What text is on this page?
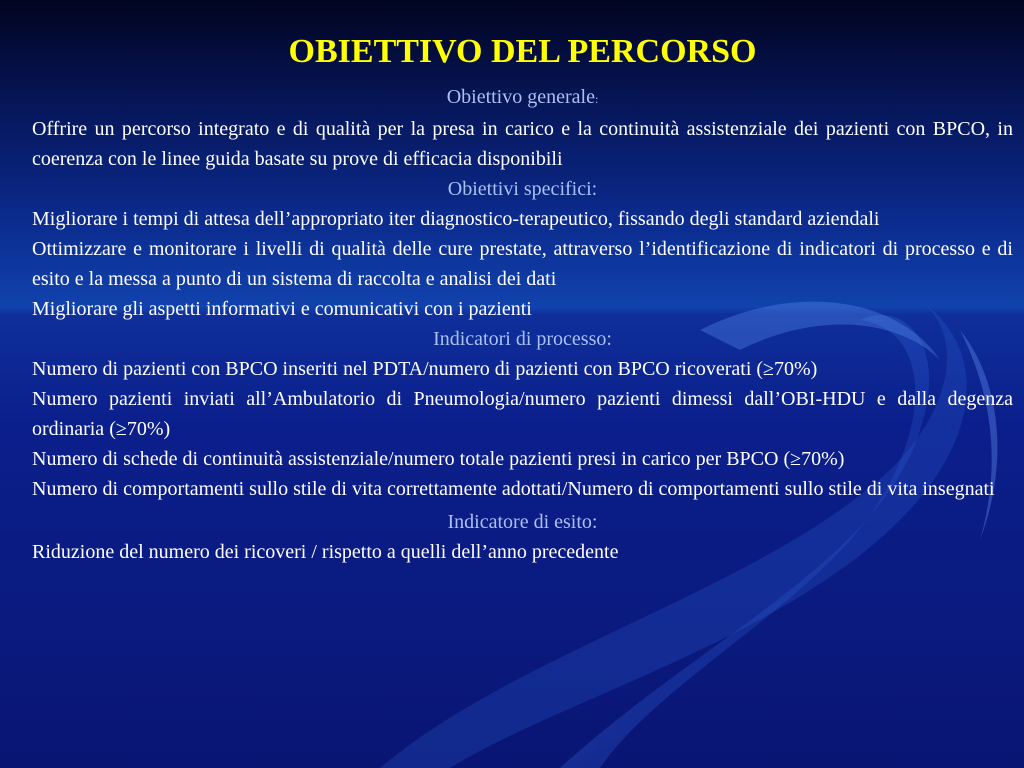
OBIETTIVO DEL PERCORSO
Obiettivo generale:
Offrire un percorso integrato e di qualità per la presa in carico e la continuità assistenziale dei pazienti con BPCO, in coerenza con le linee guida basate su prove di efficacia disponibili
Obiettivi specifici:
Migliorare i tempi di attesa dell’appropriato iter diagnostico-terapeutico, fissando degli standard aziendali
Ottimizzare e monitorare i livelli di qualità delle cure prestate, attraverso l’identificazione di indicatori di processo e di esito e la messa a punto di un sistema di raccolta e analisi dei dati
Migliorare gli aspetti informativi e comunicativi con i pazienti
Indicatori di processo:
Numero di pazienti con BPCO inseriti nel PDTA/numero di pazienti con BPCO ricoverati (≥70%)
Numero pazienti inviati all’Ambulatorio di Pneumologia/numero pazienti dimessi dall’OBI-HDU e dalla degenza ordinaria (≥70%)
Numero di schede di continuità assistenziale/numero totale pazienti presi in carico per BPCO (≥70%)
Numero di comportamenti sullo stile di vita correttamente adottati/Numero di comportamenti sullo stile di vita insegnati
Indicatore di esito:
Riduzione del numero dei ricoveri / rispetto a quelli dell’anno precedente
